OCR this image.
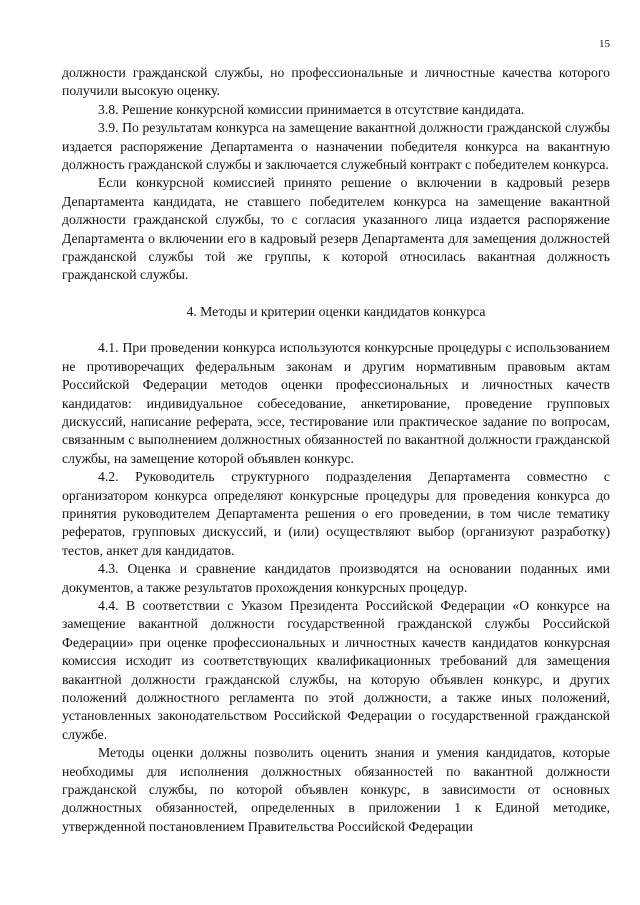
15

должности гражданской службы, но профессиональные и личностные качества которого получили высокую оценку.

3.8. Решение конкурсной комиссии принимается в отсутствие кандидата.

3.9. По результатам конкурса на замещение вакантной должности гражданской службы издается распоряжение Департамента о назначении победителя конкурса на вакантную должность гражданской службы и заключается служебный контракт с победителем конкурса.

Если конкурсной комиссией принято решение о включении в кадровый резерв Департамента кандидата, не ставшего победителем конкурса на замещение вакантной должности гражданской службы, то с согласия указанного лица издается распоряжение Департамента о включении его в кадровый резерв Департамента для замещения должностей гражданской службы той же группы, к которой относилась вакантная должность гражданской службы.

4. Методы и критерии оценки кандидатов конкурса

4.1. При проведении конкурса используются конкурсные процедуры с использованием не противоречащих федеральным законам и другим нормативным правовым актам Российской Федерации методов оценки профессиональных и личностных качеств кандидатов: индивидуальное собеседование, анкетирование, проведение групповых дискуссий, написание реферата, эссе, тестирование или практическое задание по вопросам, связанным с выполнением должностных обязанностей по вакантной должности гражданской службы, на замещение которой объявлен конкурс.

4.2. Руководитель структурного подразделения Департамента совместно с организатором конкурса определяют конкурсные процедуры для проведения конкурса до принятия руководителем Департамента решения о его проведении, в том числе тематику рефератов, групповых дискуссий, и (или) осуществляют выбор (организуют разработку) тестов, анкет для кандидатов.

4.3. Оценка и сравнение кандидатов производятся на основании поданных ими документов, а также результатов прохождения конкурсных процедур.

4.4. В соответствии с Указом Президента Российской Федерации «О конкурсе на замещение вакантной должности государственной гражданской службы Российской Федерации» при оценке профессиональных и личностных качеств кандидатов конкурсная комиссия исходит из соответствующих квалификационных требований для замещения вакантной должности гражданской службы, на которую объявлен конкурс, и других положений должностного регламента по этой должности, а также иных положений, установленных законодательством Российской Федерации о государственной гражданской службе.

Методы оценки должны позволить оценить знания и умения кандидатов, которые необходимы для исполнения должностных обязанностей по вакантной должности гражданской службы, по которой объявлен конкурс, в зависимости от основных должностных обязанностей, определенных в приложении 1 к Единой методике, утвержденной постановлением Правительства Российской Федерации
